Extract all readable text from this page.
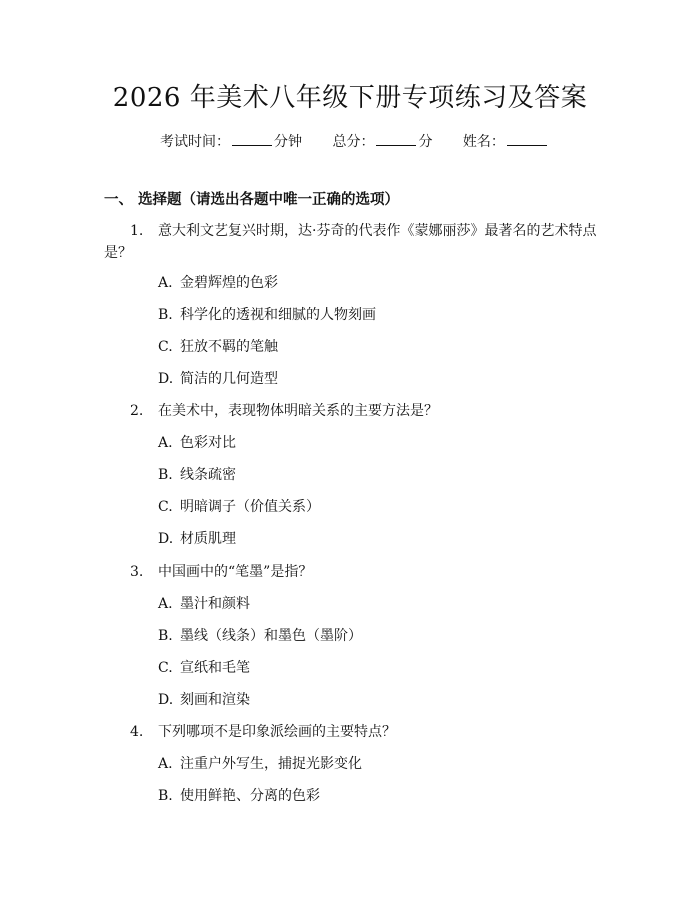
2026 年美术八年级下册专项练习及答案
考试时间：	分钟 总分：	分 姓名：
一、 选择题（请选出各题中唯一正确的选项）
1. 意大利文艺复兴时期，达·芬奇的代表作《蒙娜丽莎》最著名的艺术特点是？
A. 金碧辉煌的色彩
B. 科学化的透视和细腻的人物刻画
C. 狂放不羁的笔触
D. 简洁的几何造型
2. 在美术中，表现物体明暗关系的主要方法是？
A. 色彩对比
B. 线条疏密
C. 明暗调子（价值关系）
D. 材质肌理
3. 中国画中的“笔墨”是指？
A. 墨汁和颜料
B. 墨线（线条）和墨色（墨阶）
C. 宣纸和毛笔
D. 刻画和渲染
4. 下列哪项不是印象派绘画的主要特点？
A. 注重户外写生，捕捉光影变化
B. 使用鲜艳、分离的色彩
